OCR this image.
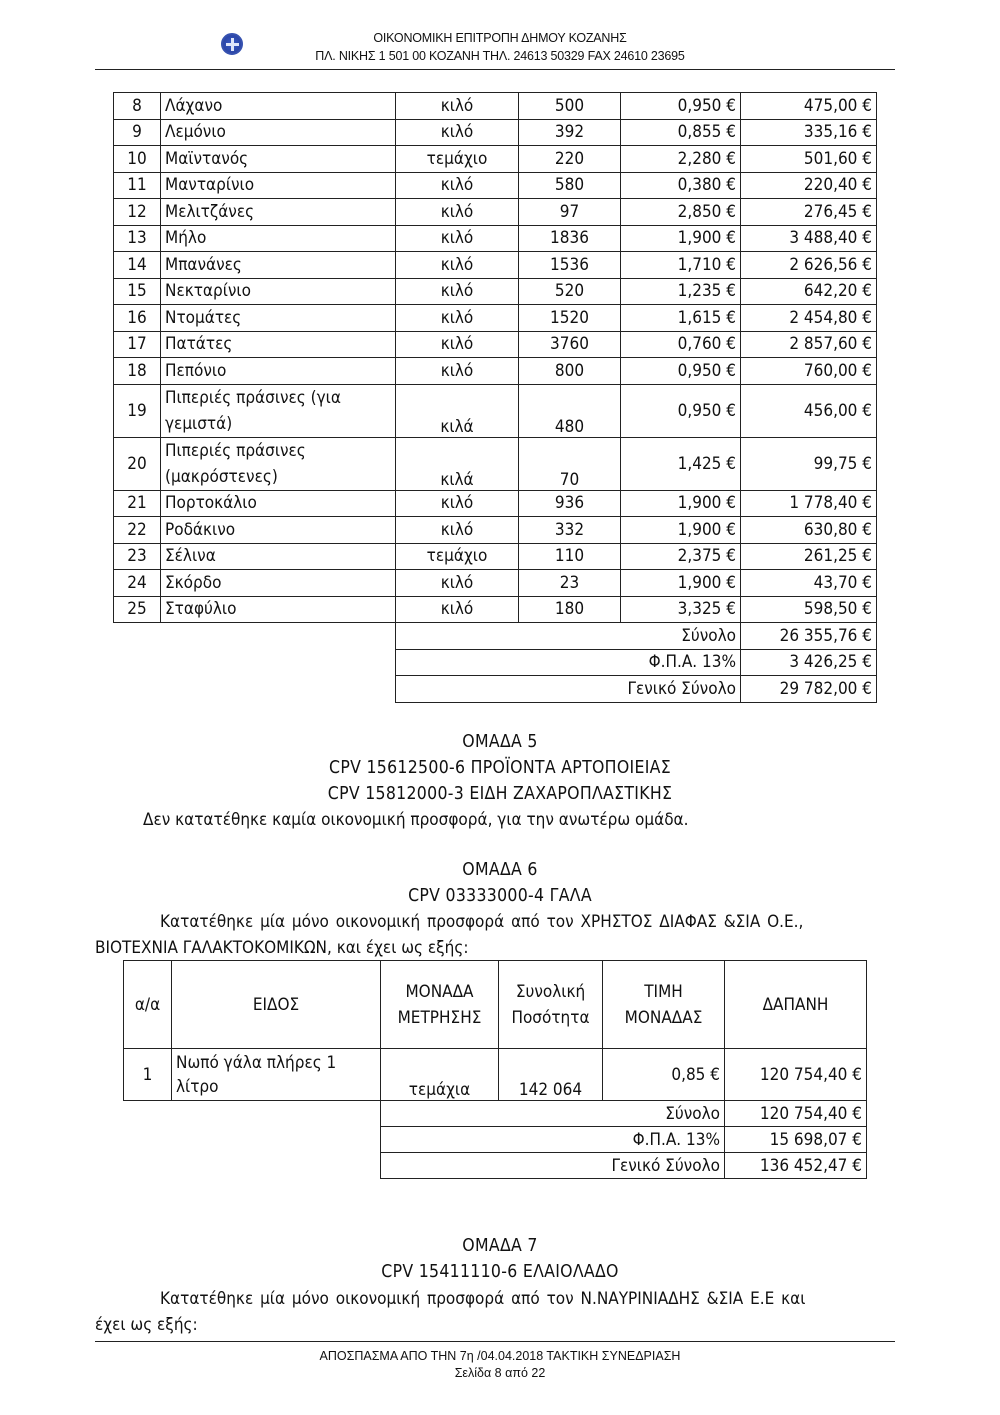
ΟΙΚΟΝΟΜΙΚΗ ΕΠΙΤΡΟΠΗ ΔΗΜΟΥ ΚΟΖΑΝΗΣ
ΠΛ. ΝΙΚΗΣ 1 501 00 ΚΟΖΑΝΗ ΤΗΛ. 24613 50329 FAX 24610 23695
8	Λάχανο	κιλό	500	0,950 €	475,00 €
9	Λεμόνιο	κιλό	392	0,855 €	335,16 €
10	Μαϊντανός	τεμάχιο	220	2,280 €	501,60 €
11	Μανταρίνιο	κιλό	580	0,380 €	220,40 €
12	Μελιτζάνες	κιλό	97	2,850 €	276,45 €
13	Μήλο	κιλό	1836	1,900 €	3 488,40 €
14	Μπανάνες	κιλό	1536	1,710 €	2 626,56 €
15	Νεκταρίνιο	κιλό	520	1,235 €	642,20 €
16	Ντομάτες	κιλό	1520	1,615 €	2 454,80 €
17	Πατάτες	κιλό	3760	0,760 €	2 857,60 €
18	Πεπόνιο	κιλό	800	0,950 €	760,00 €
19	Πιπεριές πράσινες (για γεμιστά)	κιλά	480	0,950 €	456,00 €
20	Πιπεριές πράσινες (μακρόστενες)	κιλά	70	1,425 €	99,75 €
21	Πορτοκάλιο	κιλό	936	1,900 €	1 778,40 €
22	Ροδάκινο	κιλό	332	1,900 €	630,80 €
23	Σέλινα	τεμάχιο	110	2,375 €	261,25 €
24	Σκόρδο	κιλό	23	1,900 €	43,70 €
25	Σταφύλιο	κιλό	180	3,325 €	598,50 €
		Σύνολο			26 355,76 €
		Φ.Π.Α. 13%			3 426,25 €
		Γενικό Σύνολο			29 782,00 €
ΟΜΑΔΑ 5
CPV 15612500-6 ΠΡΟΪΟΝΤΑ ΑΡΤΟΠΟΙΕΙΑΣ
CPV 15812000-3 ΕΙΔΗ ΖΑΧΑΡΟΠΛΑΣΤΙΚΗΣ
Δεν κατατέθηκε καμία οικονομική προσφορά, για την ανωτέρω ομάδα.
ΟΜΑΔΑ 6
CPV 03333000-4 ΓΑΛΑ
Κατατέθηκε μία μόνο οικονομική προσφορά από τον ΧΡΗΣΤΟΣ ΔΙΑΦΑΣ &ΣΙΑ Ο.Ε.,
ΒΙΟΤΕΧΝΙΑ ΓΑΛΑΚΤΟΚΟΜΙΚΩΝ, και έχει ως εξής:
α/α	ΕΙΔΟΣ	ΜΟΝΑΔΑ ΜΕΤΡΗΣΗΣ	Συνολική Ποσότητα	ΤΙΜΗ ΜΟΝΑΔΑΣ	ΔΑΠΑΝΗ
1	Νωπό γάλα πλήρες 1 λίτρο	τεμάχια	142 064	0,85 €	120 754,40 €
		Σύνολο			120 754,40 €
		Φ.Π.Α. 13%			15 698,07 €
		Γενικό Σύνολο			136 452,47 €
ΟΜΑΔΑ 7
CPV 15411110-6 ΕΛΑΙΟΛΑΔΟ
Κατατέθηκε μία μόνο οικονομική προσφορά από τον Ν.ΝΑΥΡΙΝΙΑΔΗΣ &ΣΙΑ Ε.Ε και
έχει ως εξής:
ΑΠΟΣΠΑΣΜΑ ΑΠΟ ΤΗΝ 7η /04.04.2018 ΤΑΚΤΙΚΗ ΣΥΝΕΔΡΙΑΣΗ
Σελίδα 8 από 22
